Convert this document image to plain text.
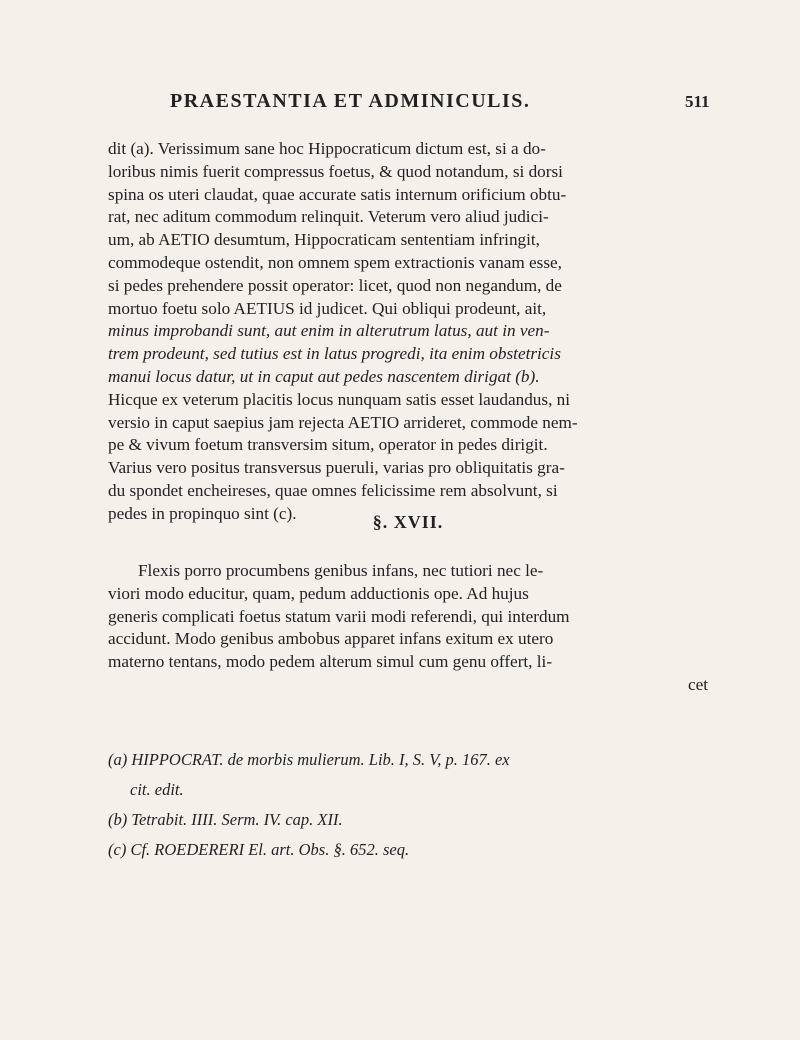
PRAESTANTIA ET ADMINICULIS.	511
dit (a). Verissimum sane hoc Hippocraticum dictum est, si a do-
loribus nimis fuerit compressus foetus, & quod notandum, si dorsi
spina os uteri claudat, quae accurate satis internum orificium obtu-
rat, nec aditum commodum relinquit. Veterum vero aliud judici-
um, ab AETIO desumtum, Hippocraticam sententiam infringit,
commodeque ostendit, non omnem spem extractionis vanam esse,
si pedes prehendere possit operator: licet, quod non negandum, de
mortuo foetu solo AETIUS id judicet. Qui obliqui prodeunt, ait,
minus improbandi sunt, aut enim in alterutrum latus, aut in ven-
trem prodeunt, sed tutius est in latus progredi, ita enim obstetricis
manui locus datur, ut in caput aut pedes nascentem dirigat (b).
Hicque ex veterum placitis locus nunquam satis esset laudandus, ni
versio in caput saepius jam rejecta AETIO arrideret, commode nem-
pe & vivum foetum transversim situm, operator in pedes dirigit.
Varius vero positus transversus pueruli, varias pro obliquitatis gra-
du spondet encheireses, quae omnes felicissime rem absolvunt, si
pedes in propinquo sint (c).	§. XVII.
Flexis porro procumbens genibus infans, nec tutiori nec le-
viori modo educitur, quam, pedum adductionis ope. Ad hujus
generis complicati foetus statum varii modi referendi, qui interdum
accidunt. Modo genibus ambobus apparet infans exitum ex utero
materno tentans, modo pedem alterum simul cum genu offert, li-
cet
(a) HIPPOCRAT. de morbis mulierum. Lib. I, S. V, p. 167. ex
cit. edit.
(b) Tetrabit. IIII. Serm. IV. cap. XII.
(c) Cf. ROEDERERI El. art. Obs. §. 652. seq.
